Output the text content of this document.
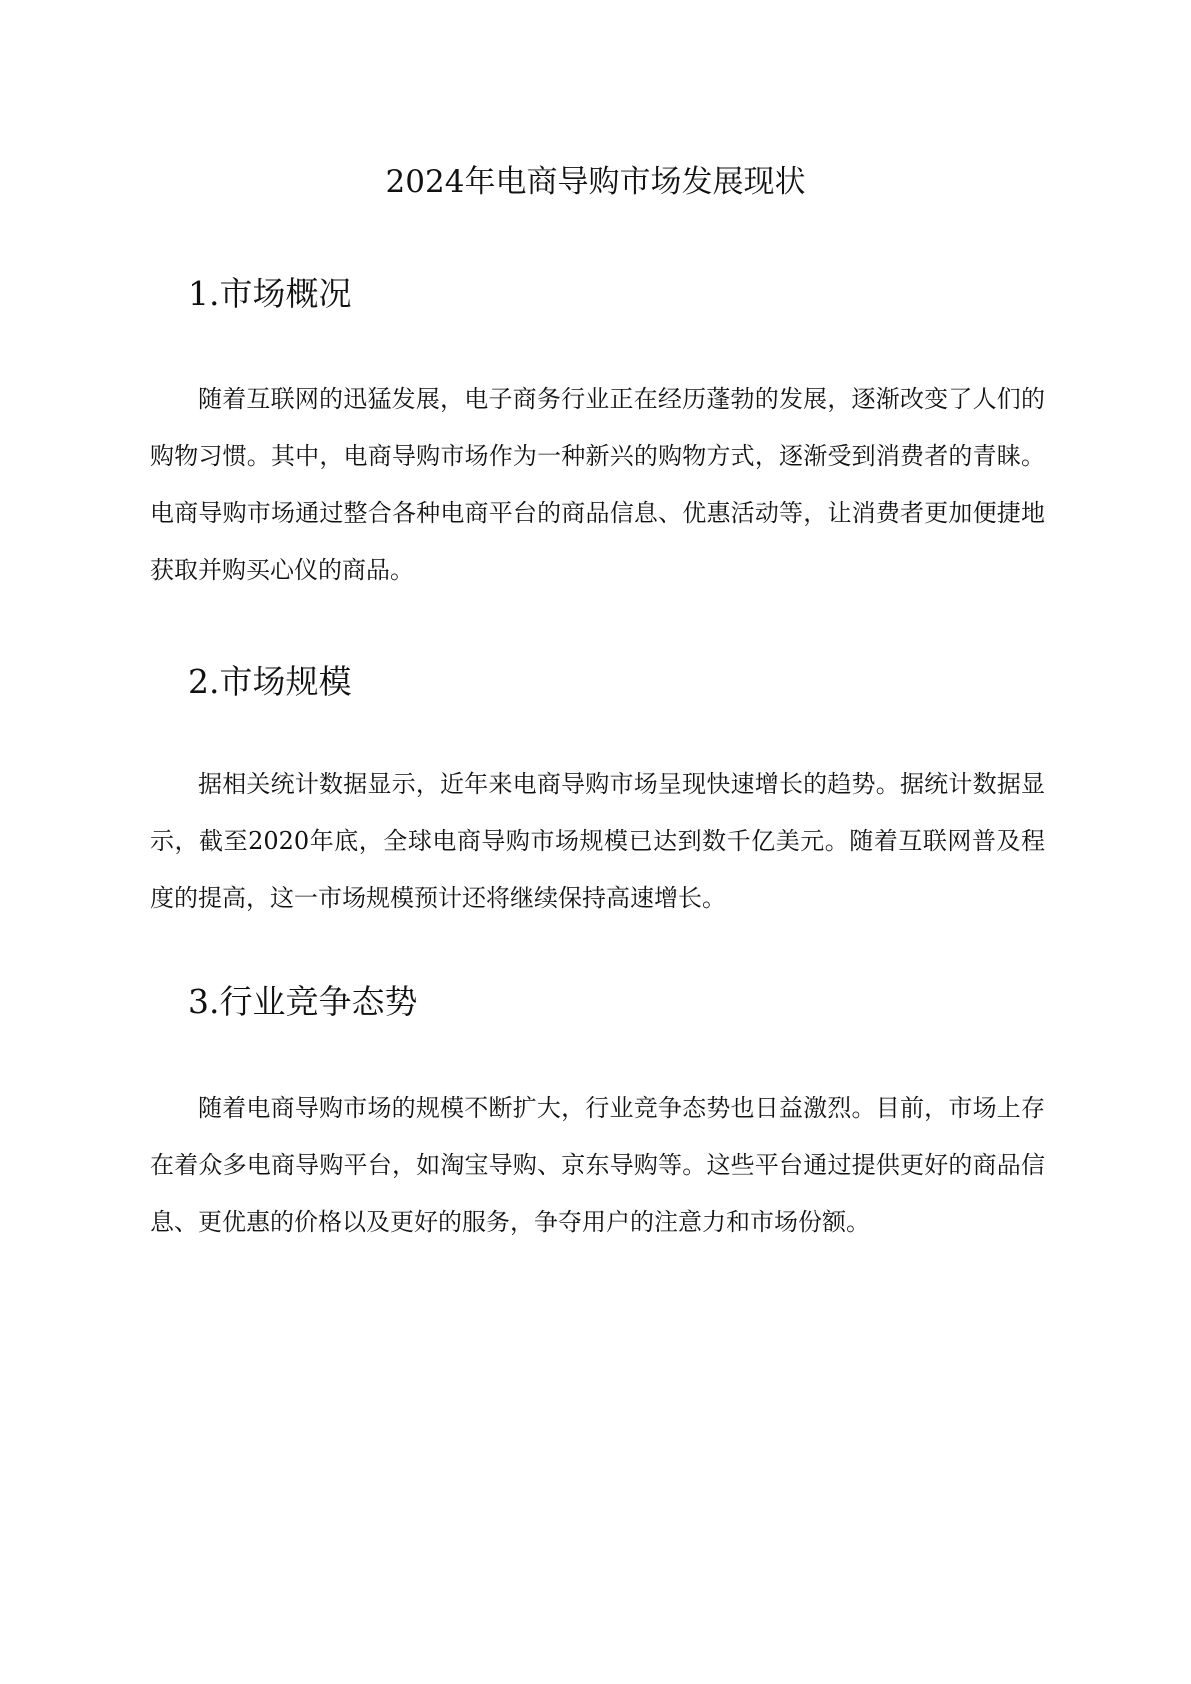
2024年电商导购市场发展现状
1.市场概况

随着互联网的迅猛发展，电子商务行业正在经历蓬勃的发展，逐渐改变了人们的购物习惯。其中，电商导购市场作为一种新兴的购物方式，逐渐受到消费者的青睐。电商导购市场通过整合各种电商平台的商品信息、优惠活动等，让消费者更加便捷地获取并购买心仪的商品。

2.市场规模

据相关统计数据显示，近年来电商导购市场呈现快速增长的趋势。据统计数据显示，截至2020年底，全球电商导购市场规模已达到数千亿美元。随着互联网普及程度的提高，这一市场规模预计还将继续保持高速增长。

3.行业竞争态势

随着电商导购市场的规模不断扩大，行业竞争态势也日益激烈。目前，市场上存在着众多电商导购平台，如淘宝导购、京东导购等。这些平台通过提供更好的商品信息、更优惠的价格以及更好的服务，争夺用户的注意力和市场份额。
